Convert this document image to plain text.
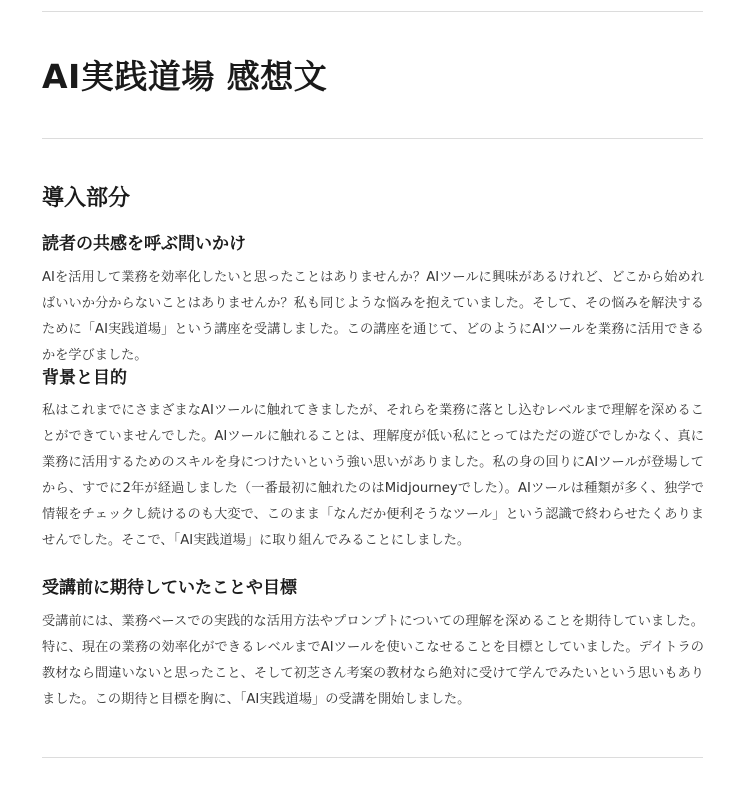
AI実践道場 感想文
導入部分
読者の共感を呼ぶ問いかけ

AIを活用して業務を効率化したいと思ったことはありませんか？AIツールに興味があるけれど、どこから始めればいいか分からないことはありませんか？私も同じような悩みを抱えていました。そして、その悩みを解決するために「AI実践道場」という講座を受講しました。この講座を通じて、どのようにAIツールを業務に活用できるかを学びました。

背景と目的

私はこれまでにさまざまなAIツールに触れてきましたが、それらを業務に落とし込むレベルまで理解を深めることができていませんでした。AIツールに触れることは、理解度が低い私にとってはただの遊びでしかなく、真に業務に活用するためのスキルを身につけたいという強い思いがありました。私の身の回りにAIツールが登場してから、すでに2年が経過しました（一番最初に触れたのはMidjourneyでした）。AIツールは種類が多く、独学で情報をチェックし続けるのも大変で、このまま「なんだか便利そうなツール」という認識で終わらせたくありませんでした。そこで、「AI実践道場」に取り組んでみることにしました。

受講前に期待していたことや目標

受講前には、業務ベースでの実践的な活用方法やプロンプトについての理解を深めることを期待していました。特に、現在の業務の効率化ができるレベルまでAIツールを使いこなせることを目標としていました。デイトラの教材なら間違いないと思ったこと、そして初芝さん考案の教材なら絶対に受けて学んでみたいという思いもありました。この期待と目標を胸に、「AI実践道場」の受講を開始しました。
